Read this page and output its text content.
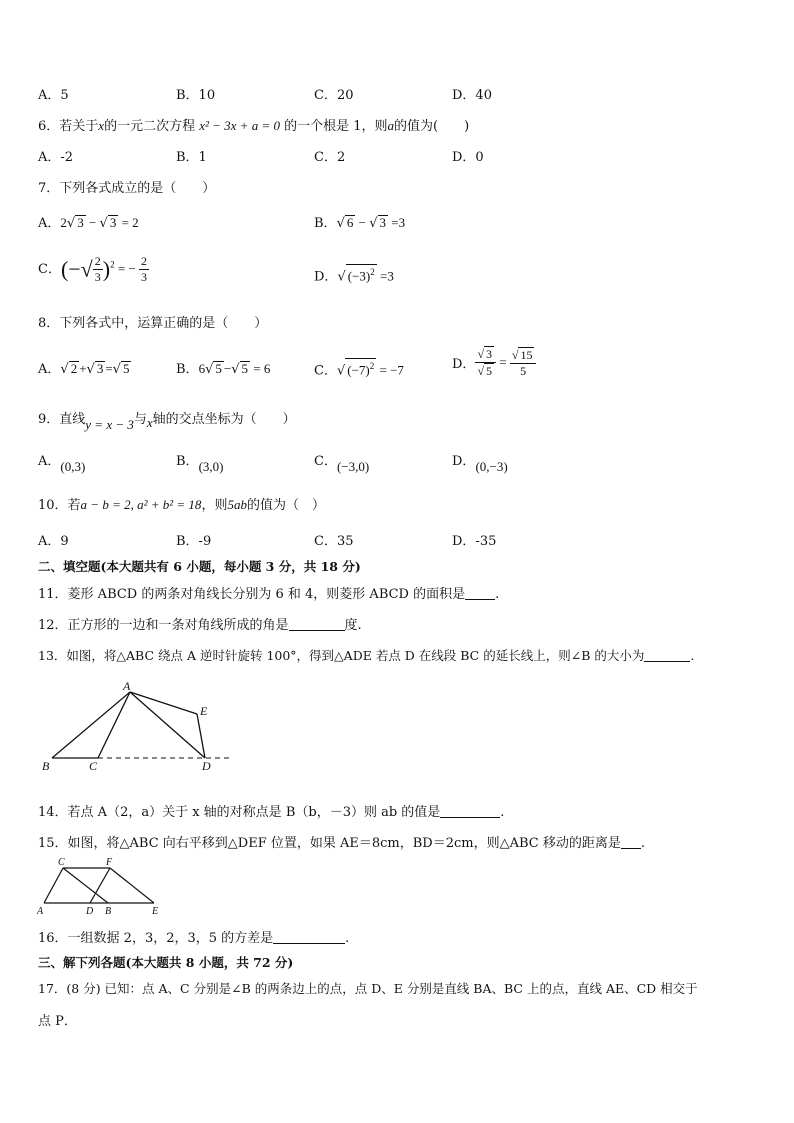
A．5	B．10	C．20	D．40
6．若关于x的一元二次方程 x² − 3x + a = 0 的一个根是 1，则a的值为(　　)
A．-2	B．1	C．2	D．0
7．下列各式成立的是（　　）
A．2√ 3 − √ 3 = 2	B．√ 6 − √ 3 =3
C．(−√ $\frac{2}{3} )^2$ = − $\frac{2}{3}$	D．√ $(-3)^2 =3$
8．下列各式中，运算正确的是（　　）
A．√ 2 +√ 3 =√ 5	B．6√ 5 −√ 5 = 6	C．√ $(-7)^2 = -7$	D． $\frac{√ 3}{√ 5} = \frac{√ 15}{5}$
9．直线y = x − 3与x轴的交点坐标为（　　）
A．(0,3)	B．(3,0)	C．(−3,0)	D．(0,−3)
10．若a − b = 2, a² + b² = 18，则5ab的值为（　）
A．9	B．-9	C．35	D．-35
二、填空题(本大题共有 6 小题，每小题 3 分，共 18 分)
11．菱形 ABCD 的两条对角线长分别为 6 和 4，则菱形 ABCD 的面积是 .
12．正方形的一边和一条对角线所成的角是	度.
13．如图，将△ABC 绕点 A 逆时针旋转 100°，得到△ADE 若点 D 在线段 BC 的延长线上，则∠B 的大小为	.
A
B	C	D
E
14．若点 A（2，a）关于 x 轴的对称点是 B（b，－3）则 ab 的值是	.
15．如图，将△ABC 向右平移到△DEF 位置，如果 AE＝8cm，BD＝2cm，则△ABC 移动的距离是 .
C	F
A	D B	E
16．一组数据 2，3，2，3，5 的方差是	.
三、解下列各题(本大题共 8 小题，共 72 分)
17．(8 分) 已知：点 A、C 分别是∠B 的两条边上的点，点 D、E 分别是直线 BA、BC 上的点，直线 AE、CD 相交于
点 P．
